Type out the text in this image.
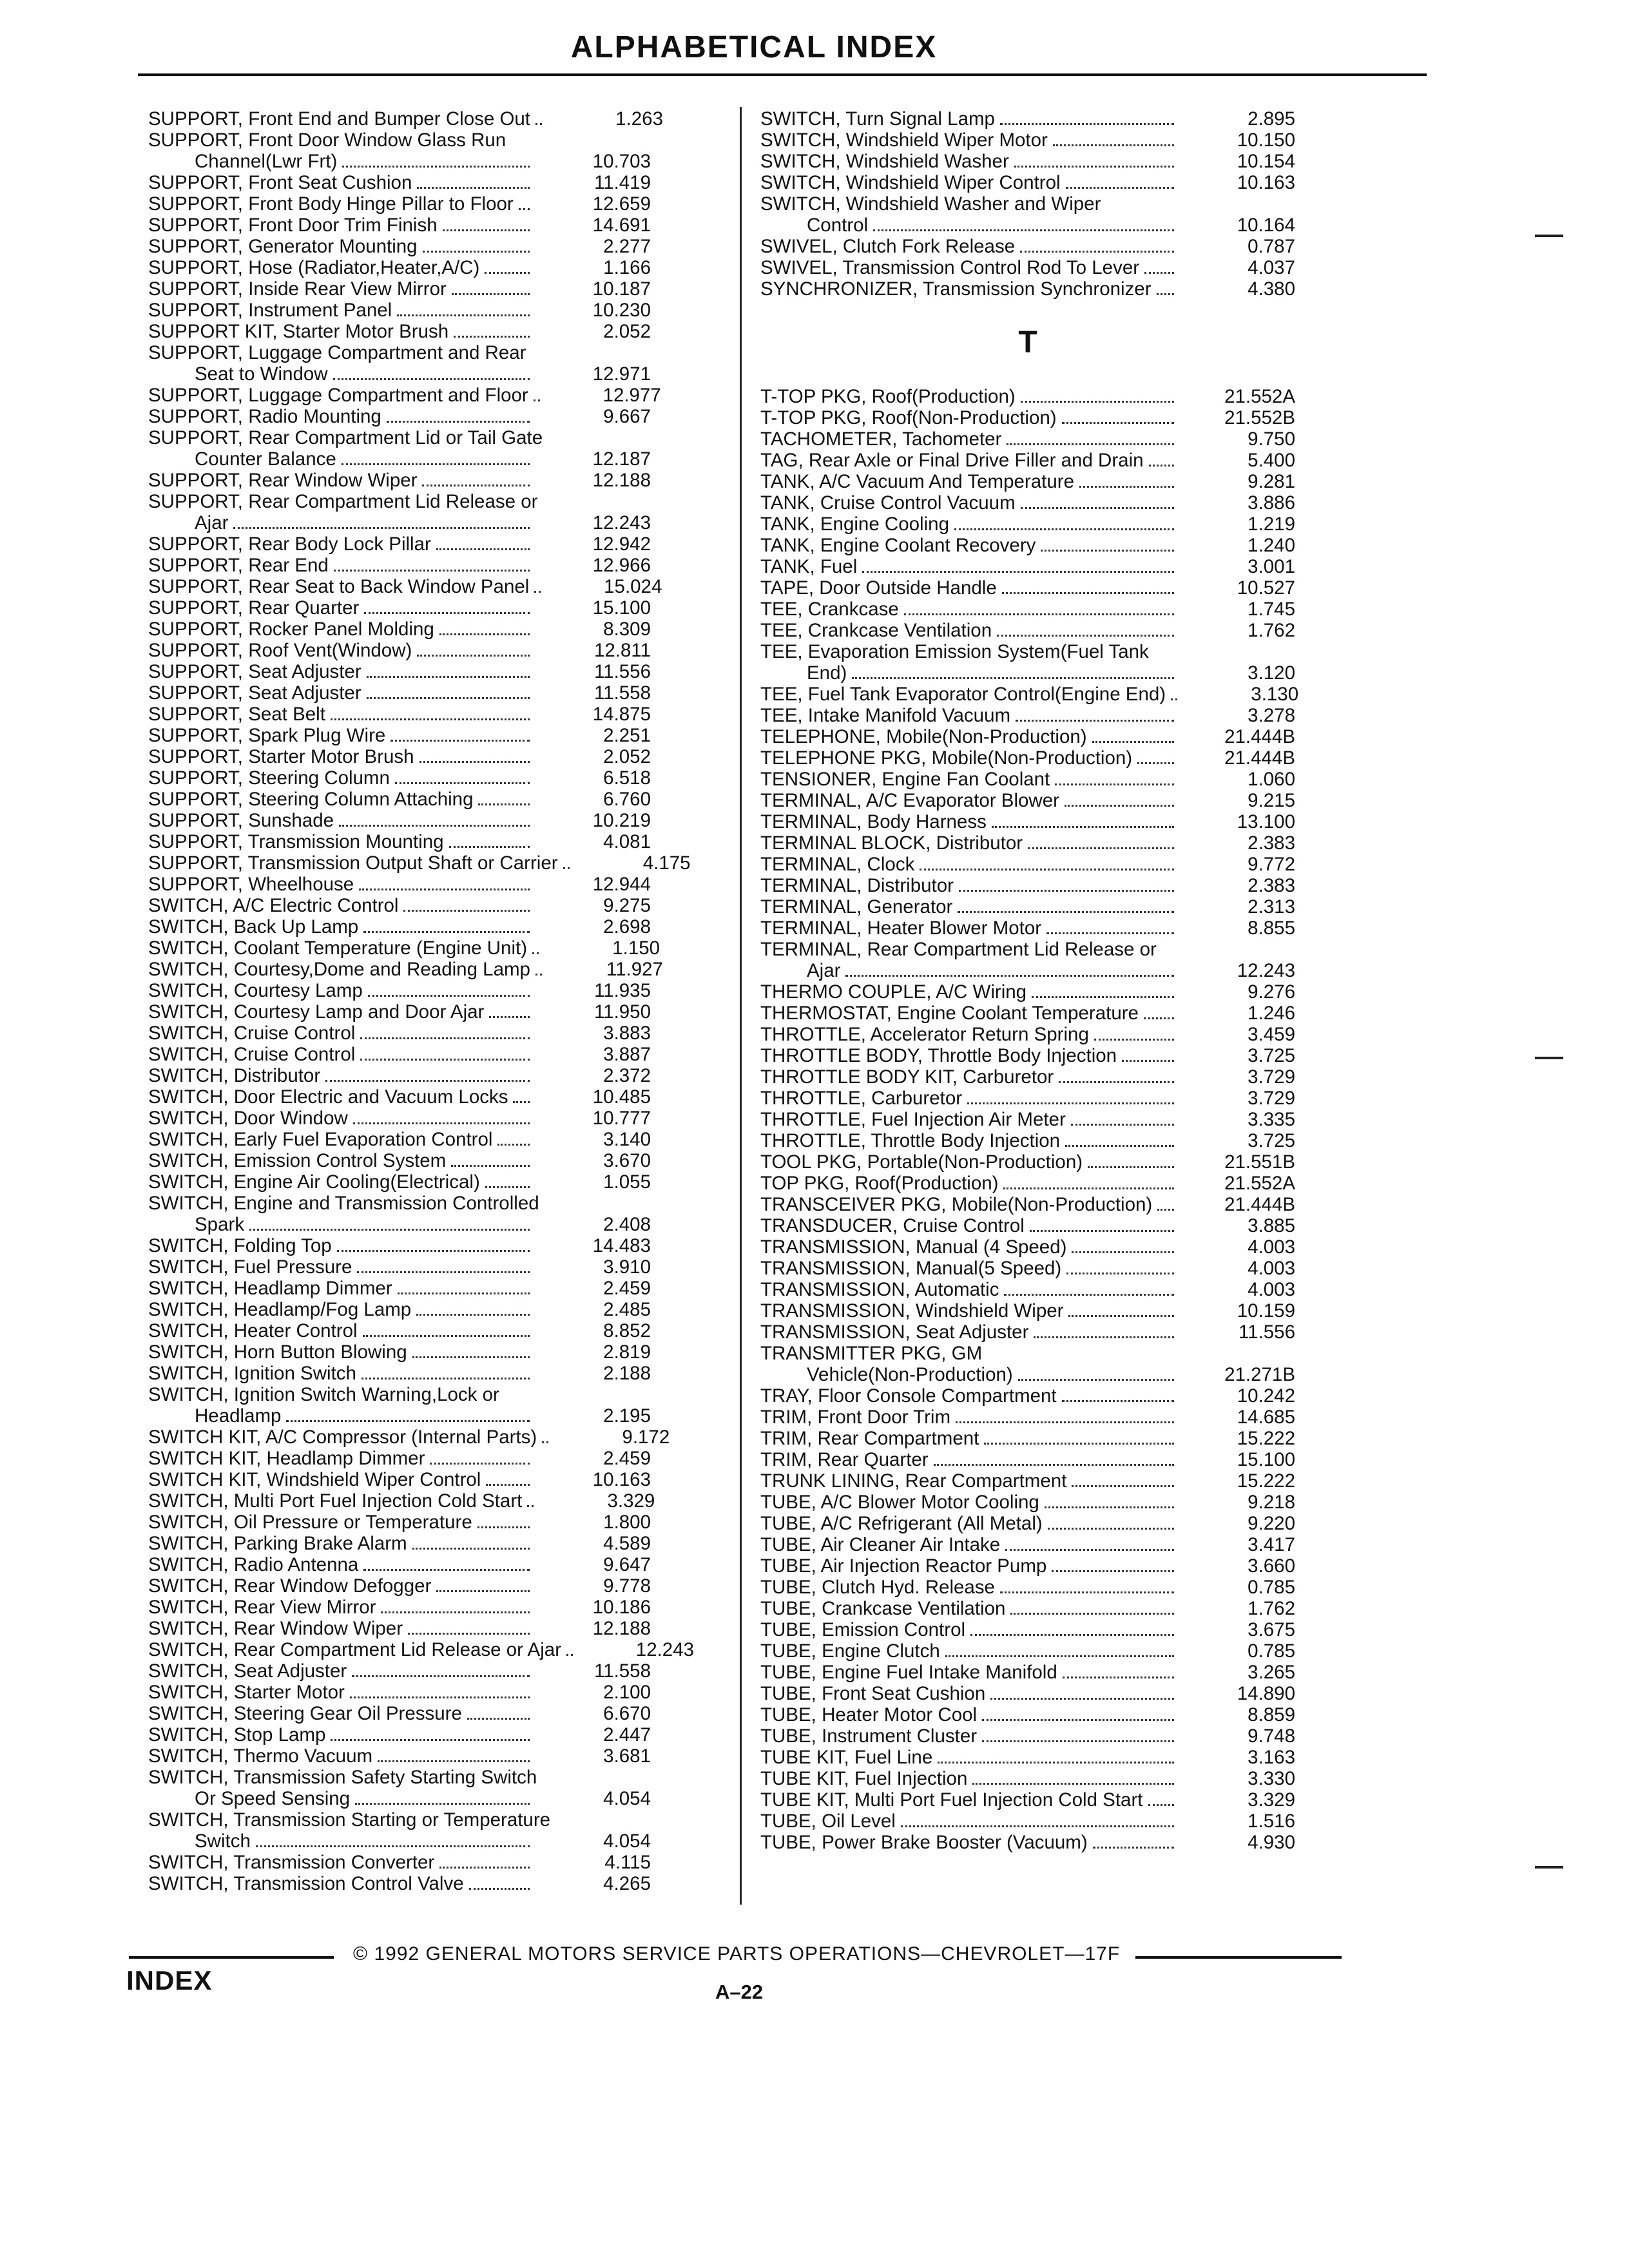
ALPHABETICAL INDEX
SUPPORT, Front End and Bumper Close Out	1.263
SUPPORT, Front Door Window Glass Run
Channel(Lwr Frt)	10.703
SUPPORT, Front Seat Cushion	11.419
SUPPORT, Front Body Hinge Pillar to Floor	12.659
SUPPORT, Front Door Trim Finish	14.691
SUPPORT, Generator Mounting	2.277
SUPPORT, Hose (Radiator,Heater,A/C)	1.166
SUPPORT, Inside Rear View Mirror	10.187
SUPPORT, Instrument Panel	10.230
SUPPORT KIT, Starter Motor Brush	2.052
SUPPORT, Luggage Compartment and Rear
Seat to Window	12.971
SUPPORT, Luggage Compartment and Floor	12.977
SUPPORT, Radio Mounting	9.667
SUPPORT, Rear Compartment Lid or Tail Gate
Counter Balance	12.187
SUPPORT, Rear Window Wiper	12.188
SUPPORT, Rear Compartment Lid Release or
Ajar	12.243
SUPPORT, Rear Body Lock Pillar	12.942
SUPPORT, Rear End	12.966
SUPPORT, Rear Seat to Back Window Panel	15.024
SUPPORT, Rear Quarter	15.100
SUPPORT, Rocker Panel Molding	8.309
SUPPORT, Roof Vent(Window)	12.811
SUPPORT, Seat Adjuster	11.556
SUPPORT, Seat Adjuster	11.558
SUPPORT, Seat Belt	14.875
SUPPORT, Spark Plug Wire	2.251
SUPPORT, Starter Motor Brush	2.052
SUPPORT, Steering Column	6.518
SUPPORT, Steering Column Attaching	6.760
SUPPORT, Sunshade	10.219
SUPPORT, Transmission Mounting	4.081
SUPPORT, Transmission Output Shaft or Carrier	4.175
SUPPORT, Wheelhouse	12.944
SWITCH, A/C Electric Control	9.275
SWITCH, Back Up Lamp	2.698
SWITCH, Coolant Temperature (Engine Unit)	1.150
SWITCH, Courtesy,Dome and Reading Lamp	11.927
SWITCH, Courtesy Lamp	11.935
SWITCH, Courtesy Lamp and Door Ajar	11.950
SWITCH, Cruise Control	3.883
SWITCH, Cruise Control	3.887
SWITCH, Distributor	2.372
SWITCH, Door Electric and Vacuum Locks	10.485
SWITCH, Door Window	10.777
SWITCH, Early Fuel Evaporation Control	3.140
SWITCH, Emission Control System	3.670
SWITCH, Engine Air Cooling(Electrical)	1.055
SWITCH, Engine and Transmission Controlled
Spark	2.408
SWITCH, Folding Top	14.483
SWITCH, Fuel Pressure	3.910
SWITCH, Headlamp Dimmer	2.459
SWITCH, Headlamp/Fog Lamp	2.485
SWITCH, Heater Control	8.852
SWITCH, Horn Button Blowing	2.819
SWITCH, Ignition Switch	2.188
SWITCH, Ignition Switch Warning,Lock or
Headlamp	2.195
SWITCH KIT, A/C Compressor (Internal Parts)	9.172
SWITCH KIT, Headlamp Dimmer	2.459
SWITCH KIT, Windshield Wiper Control	10.163
SWITCH, Multi Port Fuel Injection Cold Start	3.329
SWITCH, Oil Pressure or Temperature	1.800
SWITCH, Parking Brake Alarm	4.589
SWITCH, Radio Antenna	9.647
SWITCH, Rear Window Defogger	9.778
SWITCH, Rear View Mirror	10.186
SWITCH, Rear Window Wiper	12.188
SWITCH, Rear Compartment Lid Release or Ajar	12.243
SWITCH, Seat Adjuster	11.558
SWITCH, Starter Motor	2.100
SWITCH, Steering Gear Oil Pressure	6.670
SWITCH, Stop Lamp	2.447
SWITCH, Thermo Vacuum	3.681
SWITCH, Transmission Safety Starting Switch
Or Speed Sensing	4.054
SWITCH, Transmission Starting or Temperature
Switch	4.054
SWITCH, Transmission Converter	4.115
SWITCH, Transmission Control Valve	4.265
SWITCH, Turn Signal Lamp	2.895
SWITCH, Windshield Wiper Motor	10.150
SWITCH, Windshield Washer	10.154
SWITCH, Windshield Wiper Control	10.163
SWITCH, Windshield Washer and Wiper
Control	10.164
SWIVEL, Clutch Fork Release	0.787
SWIVEL, Transmission Control Rod To Lever	4.037
SYNCHRONIZER, Transmission Synchronizer	4.380
T
T-TOP PKG, Roof(Production)	21.552A
T-TOP PKG, Roof(Non-Production)	21.552B
TACHOMETER, Tachometer	9.750
TAG, Rear Axle or Final Drive Filler and Drain	5.400
TANK, A/C Vacuum And Temperature	9.281
TANK, Cruise Control Vacuum	3.886
TANK, Engine Cooling	1.219
TANK, Engine Coolant Recovery	1.240
TANK, Fuel	3.001
TAPE, Door Outside Handle	10.527
TEE, Crankcase	1.745
TEE, Crankcase Ventilation	1.762
TEE, Evaporation Emission System(Fuel Tank
End)	3.120
TEE, Fuel Tank Evaporator Control(Engine End)	3.130
TEE, Intake Manifold Vacuum	3.278
TELEPHONE, Mobile(Non-Production)	21.444B
TELEPHONE PKG, Mobile(Non-Production)	21.444B
TENSIONER, Engine Fan Coolant	1.060
TERMINAL, A/C Evaporator Blower	9.215
TERMINAL, Body Harness	13.100
TERMINAL BLOCK, Distributor	2.383
TERMINAL, Clock	9.772
TERMINAL, Distributor	2.383
TERMINAL, Generator	2.313
TERMINAL, Heater Blower Motor	8.855
TERMINAL, Rear Compartment Lid Release or
Ajar	12.243
THERMO COUPLE, A/C Wiring	9.276
THERMOSTAT, Engine Coolant Temperature	1.246
THROTTLE, Accelerator Return Spring	3.459
THROTTLE BODY, Throttle Body Injection	3.725
THROTTLE BODY KIT, Carburetor	3.729
THROTTLE, Carburetor	3.729
THROTTLE, Fuel Injection Air Meter	3.335
THROTTLE, Throttle Body Injection	3.725
TOOL PKG, Portable(Non-Production)	21.551B
TOP PKG, Roof(Production)	21.552A
TRANSCEIVER PKG, Mobile(Non-Production)	21.444B
TRANSDUCER, Cruise Control	3.885
TRANSMISSION, Manual (4 Speed)	4.003
TRANSMISSION, Manual(5 Speed)	4.003
TRANSMISSION, Automatic	4.003
TRANSMISSION, Windshield Wiper	10.159
TRANSMISSION, Seat Adjuster	11.556
TRANSMITTER PKG, GM
Vehicle(Non-Production)	21.271B
TRAY, Floor Console Compartment	10.242
TRIM, Front Door Trim	14.685
TRIM, Rear Compartment	15.222
TRIM, Rear Quarter	15.100
TRUNK LINING, Rear Compartment	15.222
TUBE, A/C Blower Motor Cooling	9.218
TUBE, A/C Refrigerant (All Metal)	9.220
TUBE, Air Cleaner Air Intake	3.417
TUBE, Air Injection Reactor Pump	3.660
TUBE, Clutch Hyd. Release	0.785
TUBE, Crankcase Ventilation	1.762
TUBE, Emission Control	3.675
TUBE, Engine Clutch	0.785
TUBE, Engine Fuel Intake Manifold	3.265
TUBE, Front Seat Cushion	14.890
TUBE, Heater Motor Cool	8.859
TUBE, Instrument Cluster	9.748
TUBE KIT, Fuel Line	3.163
TUBE KIT, Fuel Injection	3.330
TUBE KIT, Multi Port Fuel Injection Cold Start	3.329
TUBE, Oil Level	1.516
TUBE, Power Brake Booster (Vacuum)	4.930
© 1992 GENERAL MOTORS SERVICE PARTS OPERATIONS—CHEVROLET—17F
INDEX	A–22
